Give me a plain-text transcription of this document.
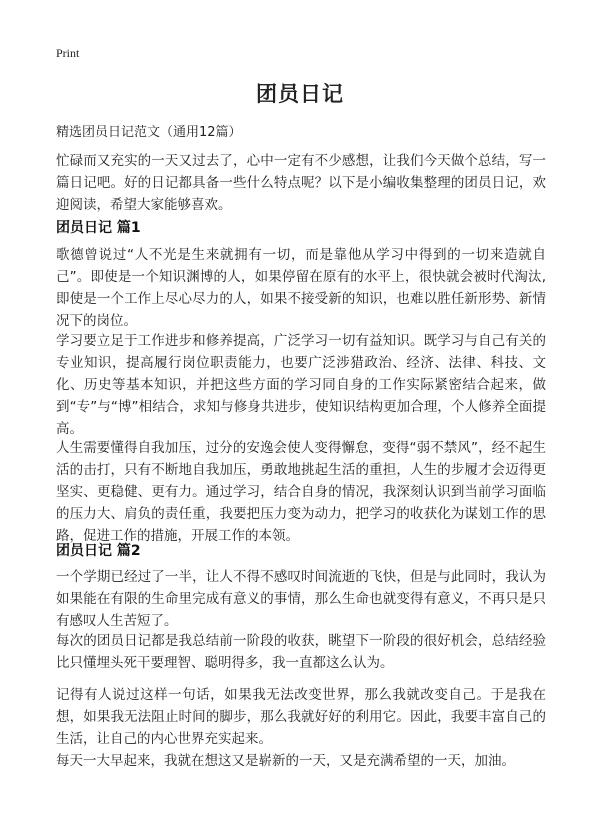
Print
团员日记

精选团员日记范文（通用12篇）

忙碌而又充实的一天又过去了，心中一定有不少感想，让我们今天做个总结，写一篇日记吧。好的日记都具备一些什么特点呢？以下是小编收集整理的团员日记，欢迎阅读，希望大家能够喜欢。

团员日记 篇1

歌德曾说过“人不光是生来就拥有一切，而是靠他从学习中得到的一切来造就自己”。即使是一个知识渊博的人，如果停留在原有的水平上，很快就会被时代淘汰,即使是一个工作上尽心尽力的人，如果不接受新的知识，也难以胜任新形势、新情况下的岗位。

学习要立足于工作进步和修养提高，广泛学习一切有益知识。既学习与自己有关的专业知识，提高履行岗位职责能力，也要广泛涉猎政治、经济、法律、科技、文化、历史等基本知识，并把这些方面的学习同自身的工作实际紧密结合起来，做到“专”与“博”相结合，求知与修身共进步，使知识结构更加合理，个人修养全面提高。

人生需要懂得自我加压，过分的安逸会使人变得懈怠，变得“弱不禁风”，经不起生活的击打，只有不断地自我加压，勇敢地挑起生活的重担，人生的步履才会迈得更坚实、更稳健、更有力。通过学习，结合自身的情况，我深刻认识到当前学习面临的压力大、肩负的责任重，我要把压力变为动力，把学习的收获化为谋划工作的思路，促进工作的措施，开展工作的本领。

团员日记 篇2

一个学期已经过了一半，让人不得不感叹时间流逝的飞快，但是与此同时，我认为如果能在有限的生命里完成有意义的事情，那么生命也就变得有意义，不再只是只有感叹人生苦短了。

每次的团员日记都是我总结前一阶段的收获，眺望下一阶段的很好机会，总结经验比只懂埋头死干要理智、聪明得多，我一直都这么认为。

记得有人说过这样一句话，如果我无法改变世界，那么我就改变自己。于是我在想，如果我无法阻止时间的脚步，那么我就好好的利用它。因此，我要丰富自己的生活，让自己的内心世界充实起来。

每天一大早起来，我就在想这又是崭新的一天，又是充满希望的一天，加油。
